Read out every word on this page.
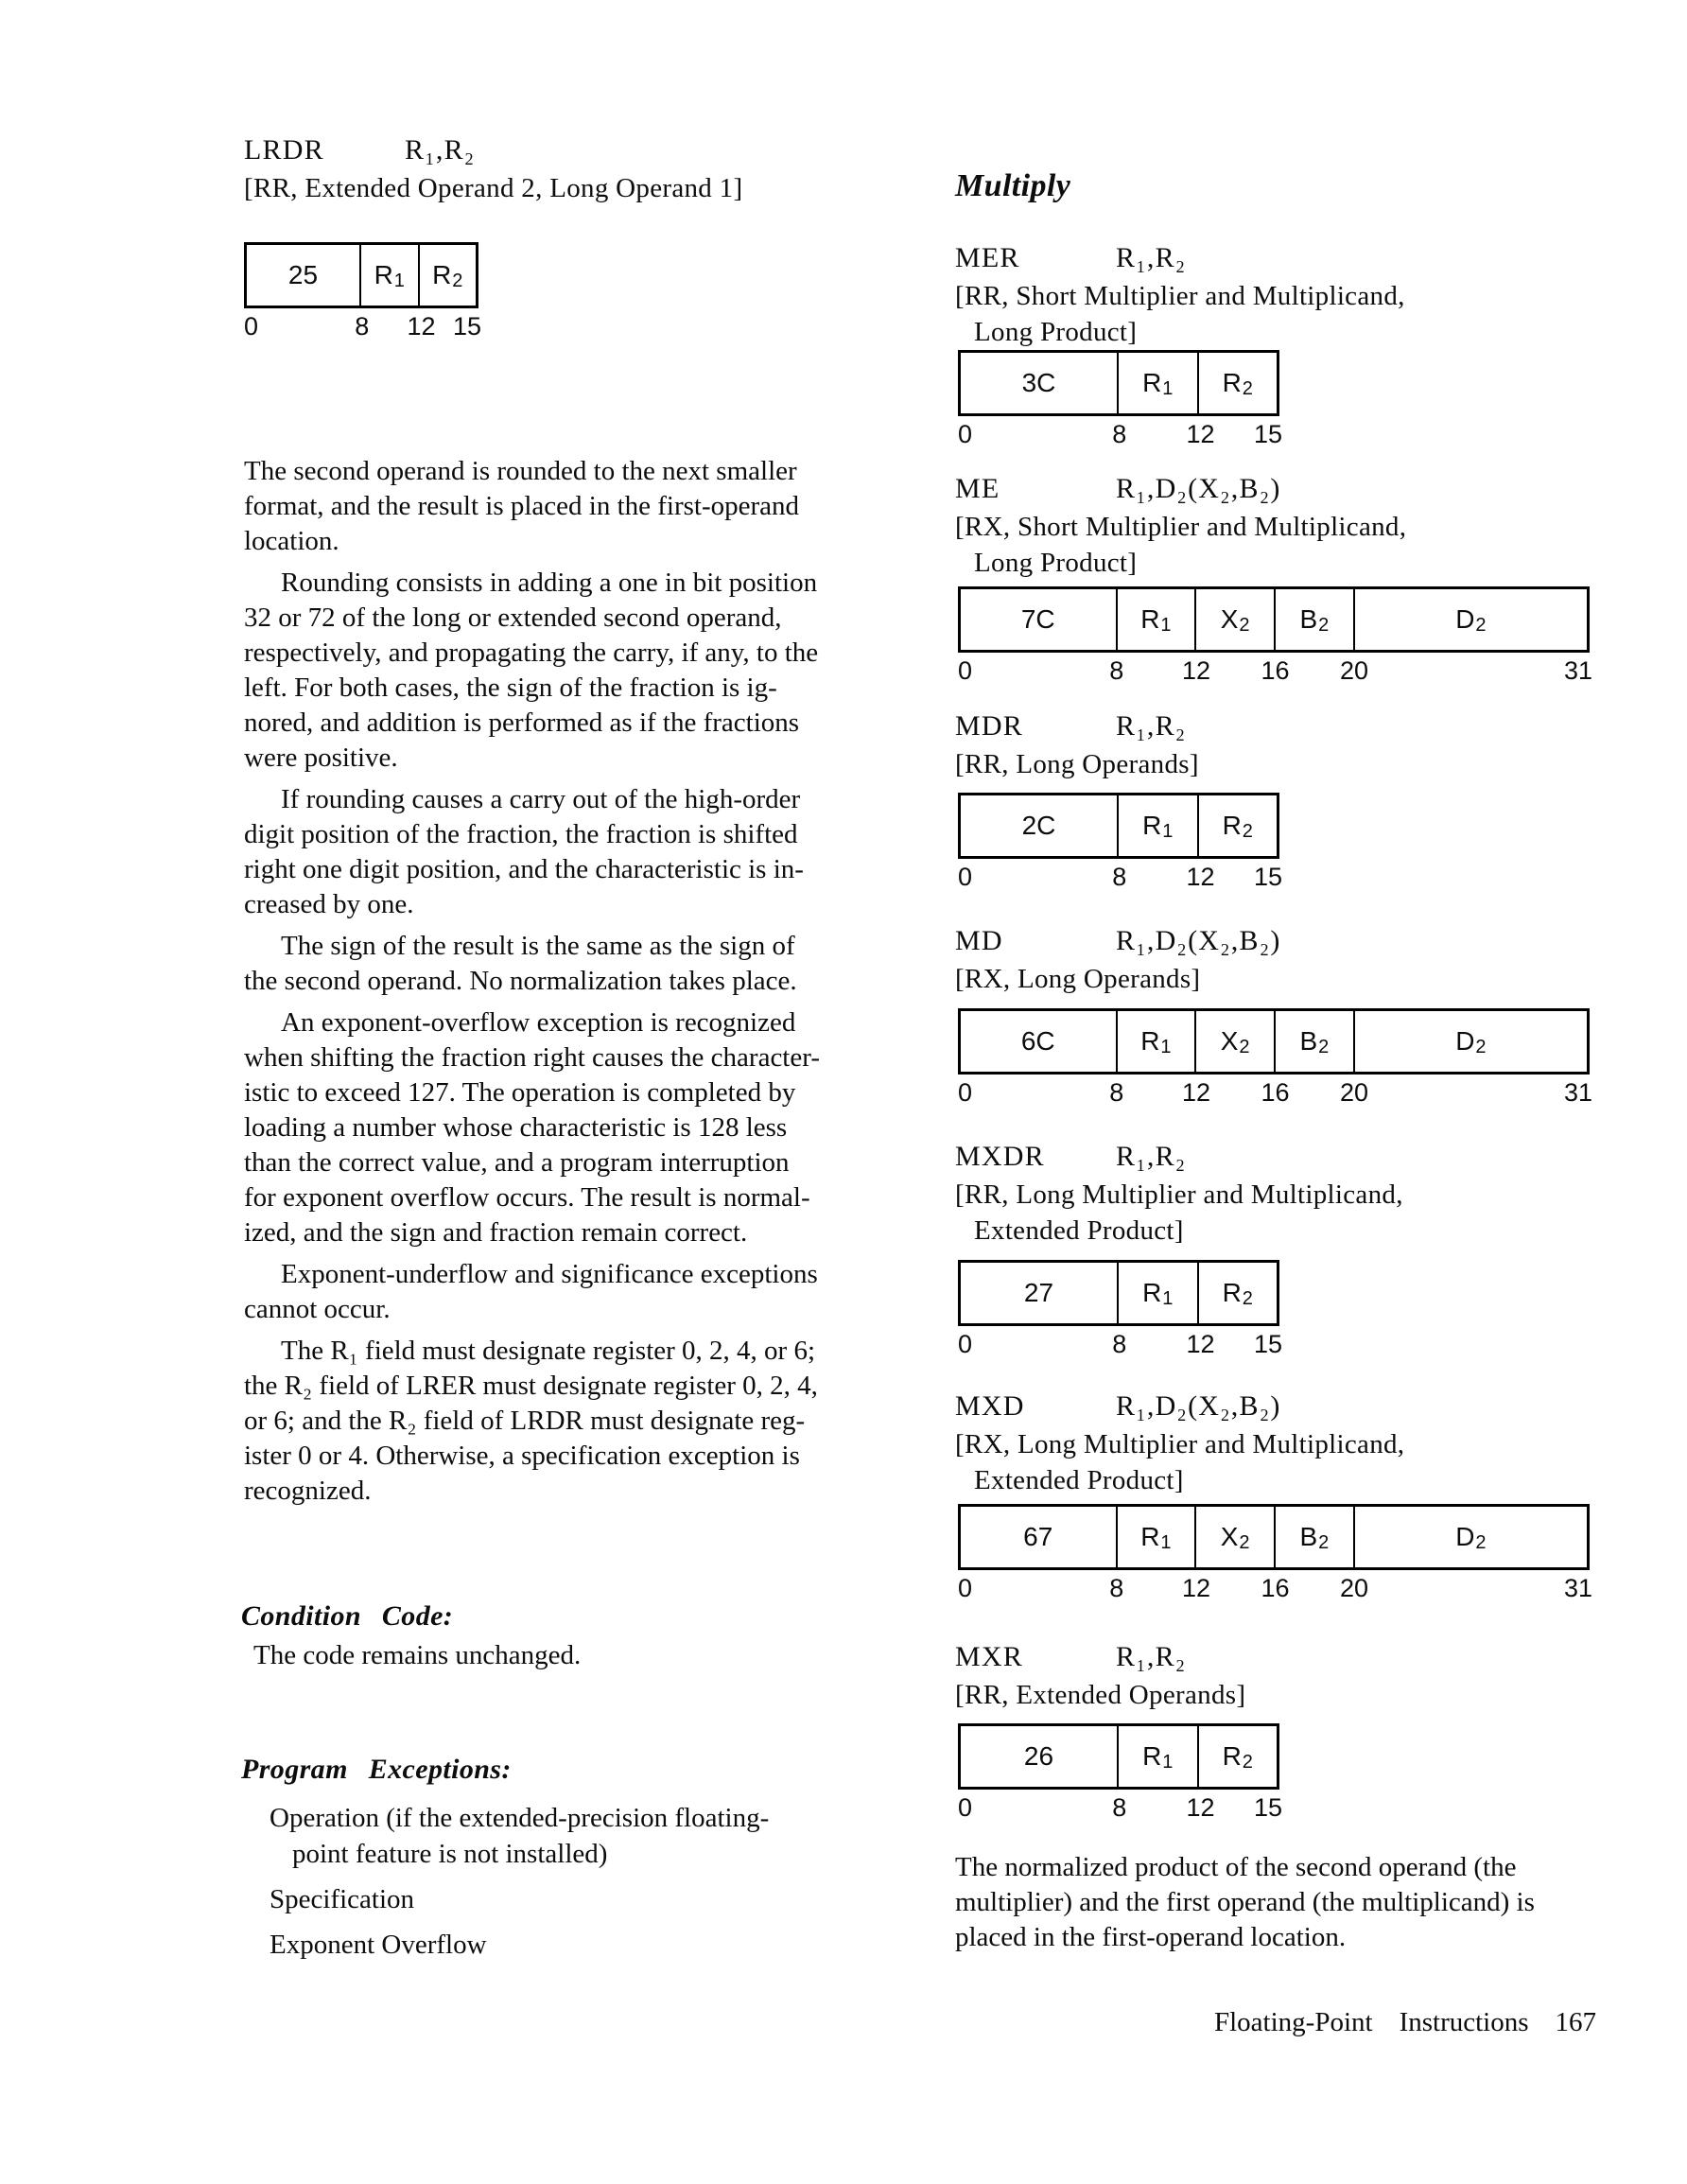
LRDR	R₁,R₂
[RR, Extended Operand 2, Long Operand 1]
25 $R_1$ $R_2$
0	8 12 15
The second operand is rounded to the next smaller
format, and the result is placed in the first-operand
location.
Rounding consists in adding a one in bit position
32 or 72 of the long or extended second operand,
respectively, and propagating the carry, if any, to the
left. For both cases, the sign of the fraction is ig-
nored, and addition is performed as if the fractions
were positive.
If rounding causes a carry out of the high-order
digit position of the fraction, the fraction is shifted
right one digit position, and the characteristic is in-
creased by one.
The sign of the result is the same as the sign of
the second operand. No normalization takes place.
An exponent-overflow exception is recognized
when shifting the fraction right causes the character-
istic to exceed 127. The operation is completed by
loading a number whose characteristic is 128 less
than the correct value, and a program interruption
for exponent overflow occurs. The result is normal-
ized, and the sign and fraction remain correct.
Exponent-underflow and significance exceptions
cannot occur.
The R₁ field must designate register 0, 2, 4, or 6;
the R₂ field of LRER must designate register 0, 2, 4,
or 6; and the R₂ field of LRDR must designate reg-
ister 0 or 4. Otherwise, a specification exception is
recognized.
Condition Code:
The code remains unchanged.
Program Exceptions:
Operation (if the extended-precision floating-
point feature is not installed)
Specification
Exponent Overflow
Multiply
MER	R₁,R₂
[RR, Short Multiplier and Multiplicand,
Long Product]
3C	$R_1$ $R_2$
0	8 12 15
ME	R₁,D₂(X₂,B₂)
[RX, Short Multiplier and Multiplicand,
Long Product]
7C	$R_1$ $X_2$ $B_2$	$D_2$
0	8 12 16 20	31
MDR	R₁,R₂
[RR, Long Operands]
2C	$R_1$ $R_2$
0	8 12 15
MD	R₁,D₂(X₂,B₂)
[RX, Long Operands]
6C	$R_1$ $X_2$ $B_2$	$D_2$
0	8 12 16 20	31
MXDR	R₁,R₂
[RR, Long Multiplier and Multiplicand,
Extended Product]
27	$R_1$ $R_2$
0	8 12 15
MXD	R₁,D₂(X₂,B₂)
[RX, Long Multiplier and Multiplicand,
Extended Product]
67	$R_1$ $X_2$ $B_2$	$D_2$
0	8 12 16 20	31
MXR	R₁,R₂
[RR, Extended Operands]
26	$R_1$ $R_2$
0	8 12 15
The normalized product of the second operand (the
multiplier) and the first operand (the multiplicand) is
placed in the first-operand location.
Floating-Point Instructions 167
